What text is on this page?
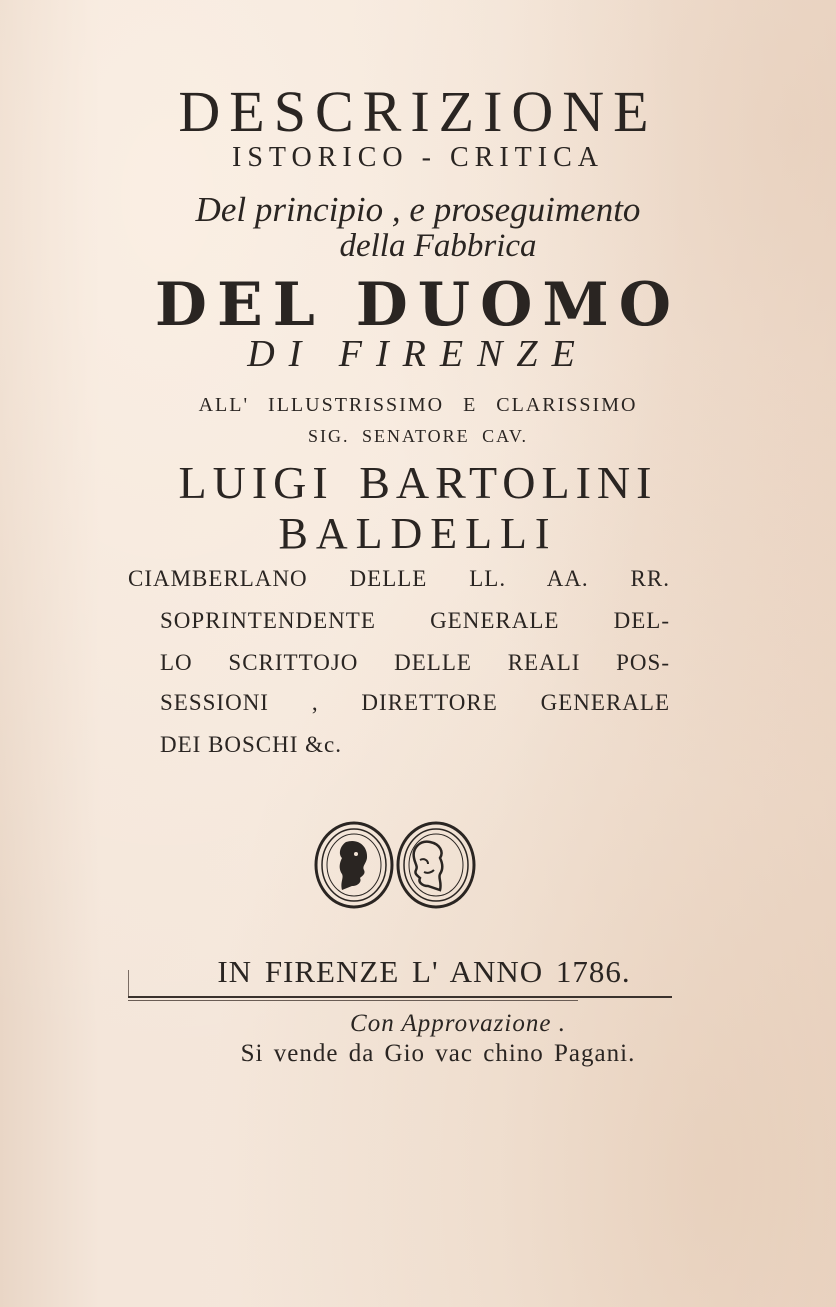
DESCRIZIONE

ISTORICO - CRITICA

Del principio , e proseguimento

della Fabbrica

DEL DUOMO

DI FIRENZE

ALL' ILLUSTRISSIMO E CLARISSIMO

SIG. SENATORE CAV.

LUIGI BARTOLINI

BALDELLI

CIAMBERLANO DELLE LL. AA. RR.

SOPRINTENDENTE GENERALE DEL-

LO SCRITTOJO DELLE REALI POS-

SESSIONI , DIRETTORE GENERALE

DEI BOSCHI &c.

IN FIRENZE L' ANNO 1786.

Con Approvazione .

Si vende da Gio vac chino Pagani.
